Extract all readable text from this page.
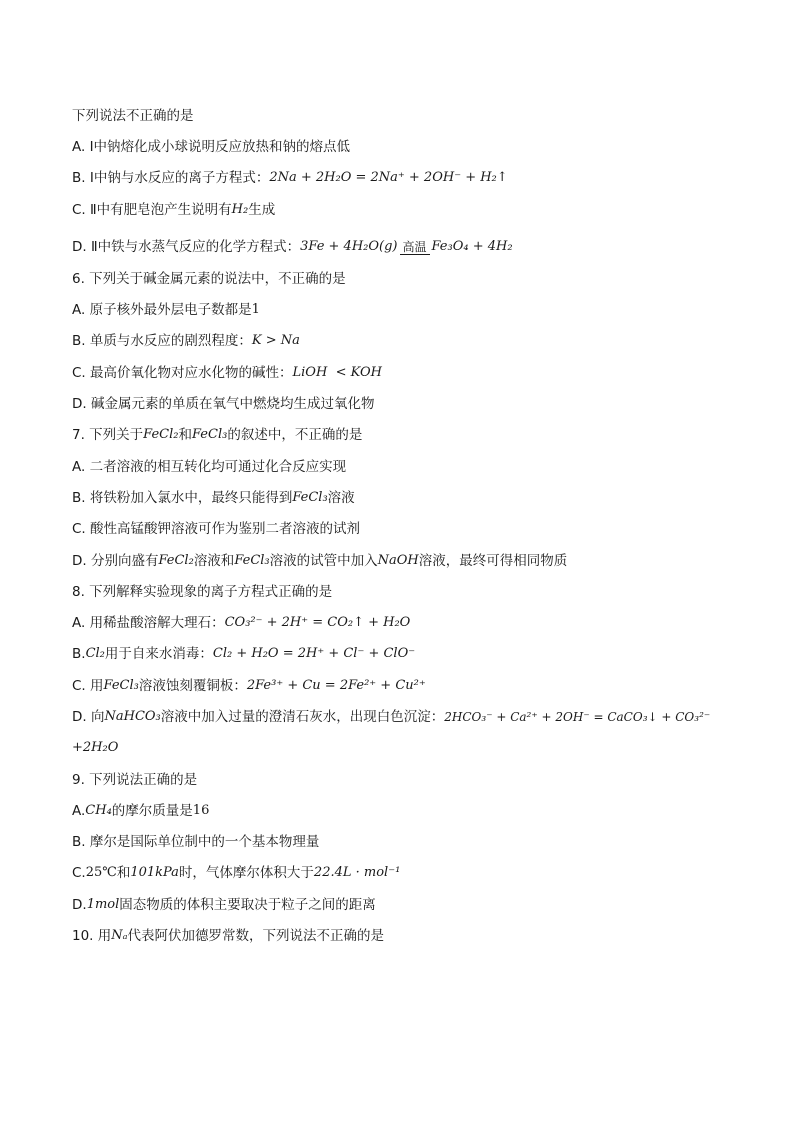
下列说法不正确的是
A. Ⅰ中钠熔化成小球说明反应放热和钠的熔点低
B. Ⅰ中钠与水反应的离子方程式： 2Na + 2H₂O = 2Na⁺ + 2OH⁻ + H₂↑
C. Ⅱ中有肥皂泡产生说明有 H₂ 生成
D. Ⅱ中铁与水蒸气反应的化学方程式： 3Fe + 4H₂O(g) 高温 Fe₃O₄ + 4H₂
6. 下列关于碱金属元素的说法中，不正确的是
A. 原子核外最外层电子数都是 1
B. 单质与水反应的剧烈程度： K > Na
C. 最高价氧化物对应水化物的碱性： LiOH  < KOH
D. 碱金属元素的单质在氧气中燃烧均生成过氧化物
7. 下列关于 FeCl₂ 和 FeCl₃ 的叙述中，不正确的是
A. 二者溶液的相互转化均可通过化合反应实现
B. 将铁粉加入氯水中，最终只能得到 FeCl₃ 溶液
C. 酸性高锰酸钾溶液可作为鉴别二者溶液的试剂
D. 分别向盛有 FeCl₂ 溶液和 FeCl₃ 溶液的试管中加入 NaOH 溶液，最终可得相同物质
8. 下列解释实验现象的离子方程式正确的是
A. 用稀盐酸溶解大理石： CO₃²⁻ + 2H⁺ = CO₂↑ + H₂O
B. Cl₂ 用于自来水消毒： Cl₂ + H₂O = 2H⁺ + Cl⁻ + ClO⁻
C. 用 FeCl₃ 溶液蚀刻覆铜板： 2Fe³⁺ + Cu = 2Fe²⁺ + Cu²⁺
D. 向 NaHCO₃ 溶液中加入过量的澄清石灰水，出现白色沉淀： 2HCO₃⁻ + Ca²⁺ + 2OH⁻ = CaCO₃↓ + CO₃²⁻
+2H₂O
9. 下列说法正确的是
A. CH₄ 的摩尔质量是 16
B. 摩尔是国际单位制中的一个基本物理量
C. 25℃ 和 101kPa 时，气体摩尔体积大于 22.4L · mol⁻¹
D. 1mol 固态物质的体积主要取决于粒子之间的距离
10. 用 Nₐ 代表阿伏加德罗常数，下列说法不正确的是
